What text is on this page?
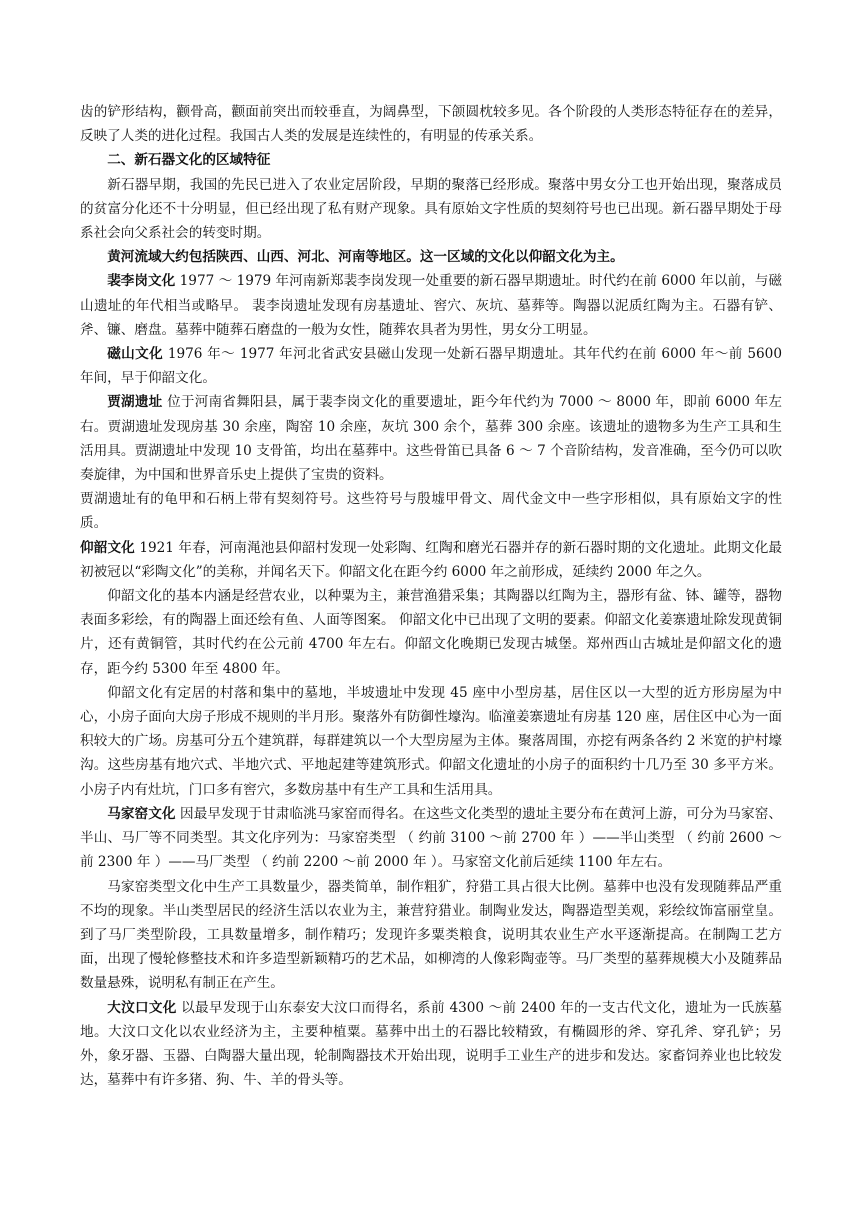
齿的铲形结构，颧骨高，颧面前突出而较垂直，为阔鼻型，下颌圆枕较多见。各个阶段的人类形态特征存在的差异，反映了人类的进化过程。我国古人类的发展是连续性的，有明显的传承关系。

二、新石器文化的区域特征

新石器早期，我国的先民已进入了农业定居阶段，早期的聚落已经形成。聚落中男女分工也开始出现，聚落成员的贫富分化还不十分明显，但已经出现了私有财产现象。具有原始文字性质的契刻符号也已出现。新石器早期处于母系社会向父系社会的转变时期。

黄河流域大约包括陕西、山西、河北、河南等地区。这一区域的文化以仰韶文化为主。

裴李岗文化 1977 ～ 1979 年河南新郑裴李岗发现一处重要的新石器早期遗址。时代约在前 6000 年以前，与磁山遗址的年代相当或略早。 裴李岗遗址发现有房基遗址、窖穴、灰坑、墓葬等。陶器以泥质红陶为主。石器有铲、斧、镰、磨盘。墓葬中随葬石磨盘的一般为女性，随葬农具者为男性，男女分工明显。

磁山文化 1976 年～ 1977 年河北省武安县磁山发现一处新石器早期遗址。其年代约在前 6000 年～前 5600 年间，早于仰韶文化。

贾湖遗址 位于河南省舞阳县，属于裴李岗文化的重要遗址，距今年代约为 7000 ～ 8000 年，即前 6000 年左右。贾湖遗址发现房基 30 余座，陶窑 10 余座，灰坑 300 余个，墓葬 300 余座。该遗址的遗物多为生产工具和生活用具。贾湖遗址中发现 10 支骨笛，均出在墓葬中。这些骨笛已具备 6 ～ 7 个音阶结构，发音准确，至今仍可以吹奏旋律，为中国和世界音乐史上提供了宝贵的资料。

贾湖遗址有的龟甲和石柄上带有契刻符号。这些符号与殷墟甲骨文、周代金文中一些字形相似，具有原始文字的性质。

仰韶文化 1921 年春，河南渑池县仰韶村发现一处彩陶、红陶和磨光石器并存的新石器时期的文化遗址。此期文化最初被冠以“彩陶文化”的美称，并闻名天下。仰韶文化在距今约 6000 年之前形成，延续约 2000 年之久。

仰韶文化的基本内涵是经营农业，以种粟为主，兼营渔猎采集；其陶器以红陶为主，器形有盆、钵、罐等，器物表面多彩绘，有的陶器上面还绘有鱼、人面等图案。 仰韶文化中已出现了文明的要素。仰韶文化姜寨遗址除发现黄铜片，还有黄铜管，其时代约在公元前 4700 年左右。仰韶文化晚期已发现古城堡。郑州西山古城址是仰韶文化的遗存，距今约 5300 年至 4800 年。

仰韶文化有定居的村落和集中的墓地，半坡遗址中发现 45 座中小型房基，居住区以一大型的近方形房屋为中心，小房子面向大房子形成不规则的半月形。聚落外有防御性壕沟。临潼姜寨遗址有房基 120 座，居住区中心为一面积较大的广场。房基可分五个建筑群，每群建筑以一个大型房屋为主体。聚落周围，亦挖有两条各约 2 米宽的护村壕沟。这些房基有地穴式、半地穴式、平地起建等建筑形式。仰韶文化遗址的小房子的面积约十几乃至 30 多平方米。小房子内有灶坑，门口多有窖穴，多数房基中有生产工具和生活用具。

马家窑文化 因最早发现于甘肃临洮马家窑而得名。在这些文化类型的遗址主要分布在黄河上游，可分为马家窑、半山、马厂等不同类型。其文化序列为：马家窑类型 （ 约前 3100 ～前 2700 年 ）——半山类型 （ 约前 2600 ～前 2300 年 ）——马厂类型 （ 约前 2200 ～前 2000 年 ）。马家窑文化前后延续 1100 年左右。

马家窑类型文化中生产工具数量少，器类简单，制作粗犷，狩猎工具占很大比例。墓葬中也没有发现随葬品严重不均的现象。半山类型居民的经济生活以农业为主，兼营狩猎业。制陶业发达，陶器造型美观，彩绘纹饰富丽堂皇。到了马厂类型阶段，工具数量增多，制作精巧；发现许多粟类粮食，说明其农业生产水平逐渐提高。在制陶工艺方面，出现了慢轮修整技术和许多造型新颖精巧的艺术品，如柳湾的人像彩陶壶等。马厂类型的墓葬规模大小及随葬品数量悬殊，说明私有制正在产生。

大汶口文化 以最早发现于山东泰安大汶口而得名，系前 4300 ～前 2400 年的一支古代文化，遗址为一氏族墓地。大汶口文化以农业经济为主，主要种植粟。墓葬中出土的石器比较精致，有椭圆形的斧、穿孔斧、穿孔铲；另外，象牙器、玉器、白陶器大量出现，轮制陶器技术开始出现，说明手工业生产的进步和发达。家畜饲养业也比较发达，墓葬中有许多猪、狗、牛、羊的骨头等。
